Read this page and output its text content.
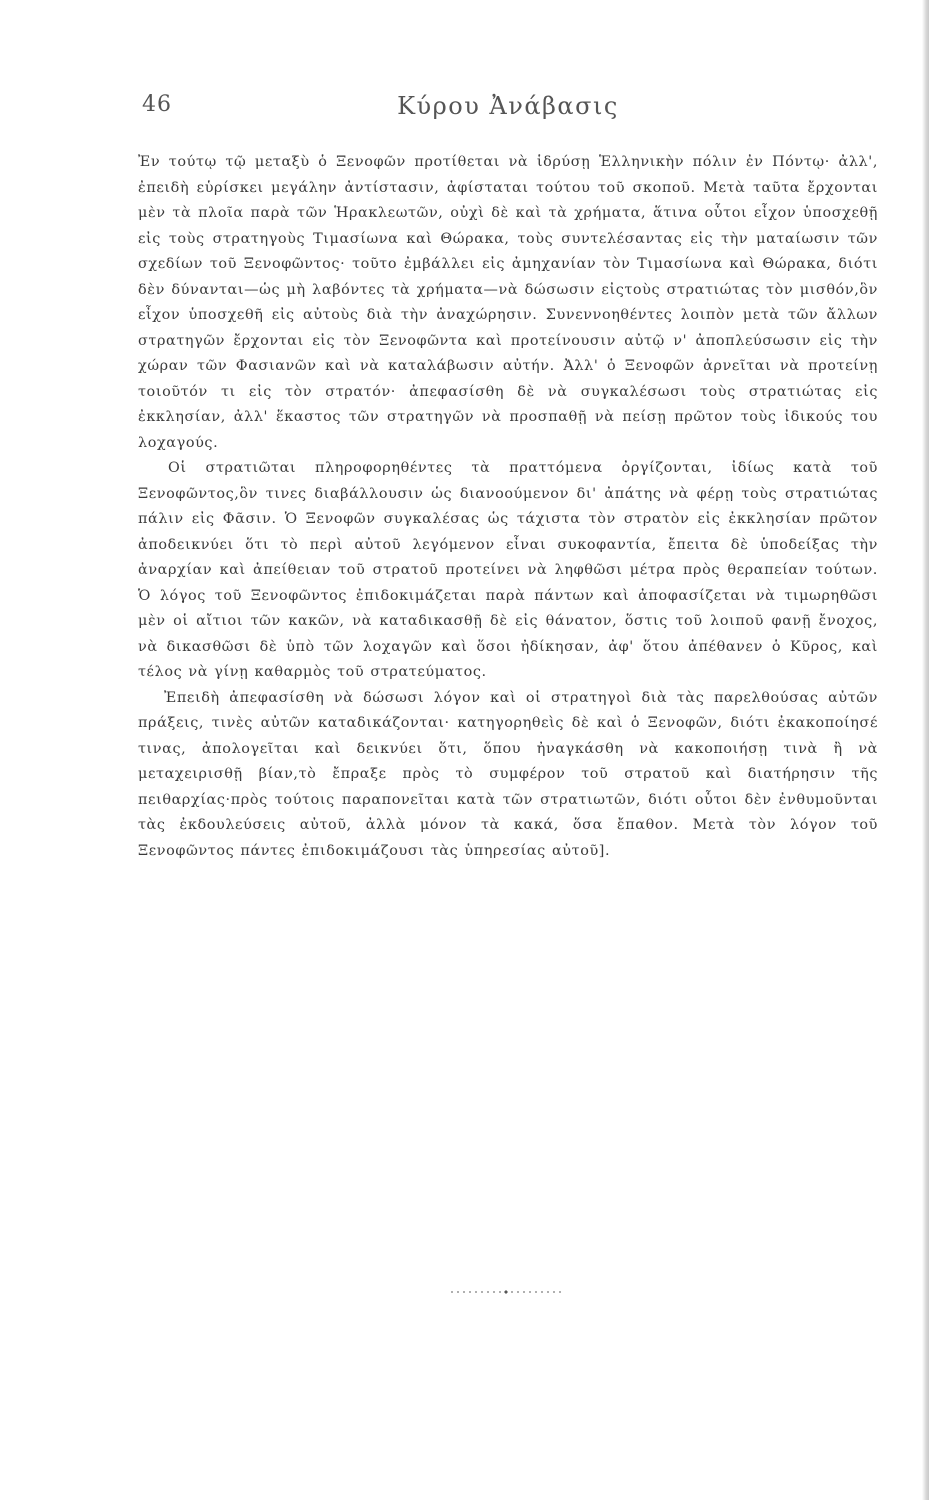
46	Κύρου Ἀνάβασις

Ἐν τούτῳ τῷ μεταξὺ ὁ Ξενοφῶν προτίθεται νὰ ἱδρύσῃ Ἑλληνικὴν πόλιν ἐν Πόντῳ· ἀλλ', ἐπειδὴ εὑρίσκει μεγάλην ἀντίστασιν, ἀφίσταται τούτου τοῦ σκοποῦ. Μετὰ ταῦτα ἔρχονται μὲν τὰ πλοῖα παρὰ τῶν Ἡρακλεωτῶν, οὐχὶ δὲ καὶ τὰ χρήματα, ἅτινα οὗτοι εἶχον ὑποσχεθῇ εἰς τοὺς στρατηγοὺς Τιμασίωνα καὶ Θώρακα, τοὺς συντελέσαντας εἰς τὴν ματαίωσιν τῶν σχεδίων τοῦ Ξενοφῶντος· τοῦτο ἐμβάλλει εἰς ἀμηχανίαν τὸν Τιμασίωνα καὶ Θώρακα, διότι δὲν δύνανται—ὡς μὴ λαβόντες τὰ χρήματα—νὰ δώσωσιν εἰςτοὺς στρατιώτας τὸν μισθόν,ὃν εἶχον ὑποσχεθῆ εἰς αὐτοὺς διὰ τὴν ἀναχώρησιν. Συνεννοηθέντες λοιπὸν μετὰ τῶν ἄλλων στρατηγῶν ἔρχονται εἰς τὸν Ξενοφῶντα καὶ προτείνουσιν αὐτῷ ν' ἀποπλεύσωσιν εἰς τὴν χώραν τῶν Φασιανῶν καὶ νὰ καταλάβωσιν αὐτήν. Ἀλλ' ὁ Ξενοφῶν ἀρνεῖται νὰ προτείνῃ τοιοῦτόν τι εἰς τὸν στρατόν· ἀπεφασίσθη δὲ νὰ συγκαλέσωσι τοὺς στρατιώτας εἰς ἐκκλησίαν, ἀλλ' ἕκαστος τῶν στρατηγῶν νὰ προσπαθῇ νὰ πείσῃ πρῶτον τοὺς ἰδικούς του λοχαγούς.

Οἱ στρατιῶται πληροφορηθέντες τὰ πραττόμενα ὀργίζονται, ἰδίως κατὰ τοῦ Ξενοφῶντος,ὃν τινες διαβάλλουσιν ὡς διανοούμενον δι' ἀπάτης νὰ φέρῃ τοὺς στρατιώτας πάλιν εἰς Φᾶσιν. Ὁ Ξενοφῶν συγκαλέσας ὡς τάχιστα τὸν στρατὸν εἰς ἐκκλησίαν πρῶτον ἀποδεικνύει ὅτι τὸ περὶ αὐτοῦ λεγόμενον εἶναι συκοφαντία, ἔπειτα δὲ ὑποδείξας τὴν ἀναρχίαν καὶ ἀπείθειαν τοῦ στρατοῦ προτείνει νὰ ληφθῶσι μέτρα πρὸς θεραπείαν τούτων. Ὁ λόγος τοῦ Ξενοφῶντος ἐπιδοκιμάζεται παρὰ πάντων καὶ ἀποφασίζεται νὰ τιμωρηθῶσι μὲν οἱ αἴτιοι τῶν κακῶν, νὰ καταδικασθῇ δὲ εἰς θάνατον, ὅστις τοῦ λοιποῦ φανῇ ἔνοχος, νὰ δικασθῶσι δὲ ὑπὸ τῶν λοχαγῶν καὶ ὅσοι ἠδίκησαν, ἀφ' ὅτου ἀπέθανεν ὁ Κῦρος, καὶ τέλος νὰ γίνῃ καθαρμὸς τοῦ στρατεύματος.

Ἐπειδὴ ἀπεφασίσθη νὰ δώσωσι λόγον καὶ οἱ στρατηγοὶ διὰ τὰς παρελθούσας αὐτῶν πράξεις, τινὲς αὐτῶν καταδικάζονται· κατηγορηθεὶς δὲ καὶ ὁ Ξενοφῶν, διότι ἐκακοποίησέ τινας, ἀπολογεῖται καὶ δεικνύει ὅτι, ὅπου ἠναγκάσθη νὰ κακοποιήσῃ τινὰ ἢ νὰ μεταχειρισθῇ βίαν,τὸ ἔπραξε πρὸς τὸ συμφέρον τοῦ στρατοῦ καὶ διατήρησιν τῆς πειθαρχίας·πρὸς τούτοις παραπονεῖται κατὰ τῶν στρατιωτῶν, διότι οὗτοι δὲν ἐνθυμοῦνται τὰς ἐκδουλεύσεις αὐτοῦ, ἀλλὰ μόνον τὰ κακά, ὅσα ἔπαθον. Μετὰ τὸν λόγον τοῦ Ξενοφῶντος πάντες ἐπιδοκιμάζουσι τὰς ὑπηρεσίας αὐτοῦ].
